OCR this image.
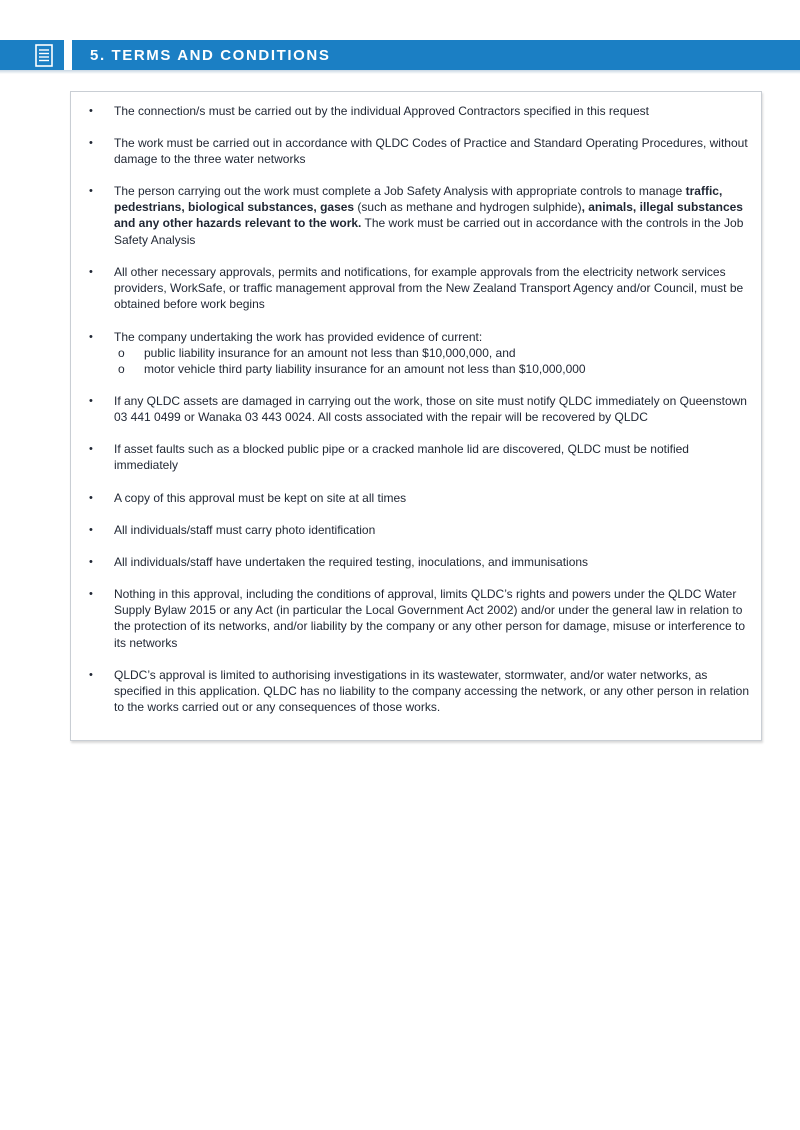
5. TERMS AND CONDITIONS
• The connection/s must be carried out by the individual Approved Contractors specified in this request
• The work must be carried out in accordance with QLDC Codes of Practice and Standard Operating Procedures, without damage to the three water networks
• The person carrying out the work must complete a Job Safety Analysis with appropriate controls to manage traffic, pedestrians, biological substances, gases (such as methane and hydrogen sulphide), animals, illegal substances and any other hazards relevant to the work. The work must be carried out in accordance with the controls in the Job Safety Analysis
• All other necessary approvals, permits and notifications, for example approvals from the electricity network services providers, WorkSafe, or traffic management approval from the New Zealand Transport Agency and/or Council, must be obtained before work begins
• The company undertaking the work has provided evidence of current:
o public liability insurance for an amount not less than $10,000,000, and
o motor vehicle third party liability insurance for an amount not less than $10,000,000
• If any QLDC assets are damaged in carrying out the work, those on site must notify QLDC immediately on Queenstown 03 441 0499 or Wanaka 03 443 0024. All costs associated with the repair will be recovered by QLDC
• If asset faults such as a blocked public pipe or a cracked manhole lid are discovered, QLDC must be notified immediately
• A copy of this approval must be kept on site at all times
• All individuals/staff must carry photo identification
• All individuals/staff have undertaken the required testing, inoculations, and immunisations
• Nothing in this approval, including the conditions of approval, limits QLDC’s rights and powers under the QLDC Water Supply Bylaw 2015 or any Act (in particular the Local Government Act 2002) and/or under the general law in relation to the protection of its networks, and/or liability by the company or any other person for damage, misuse or interference to its networks
• QLDC’s approval is limited to authorising investigations in its wastewater, stormwater, and/or water networks, as specified in this application. QLDC has no liability to the company accessing the network, or any other person in relation to the works carried out or any consequences of those works.
